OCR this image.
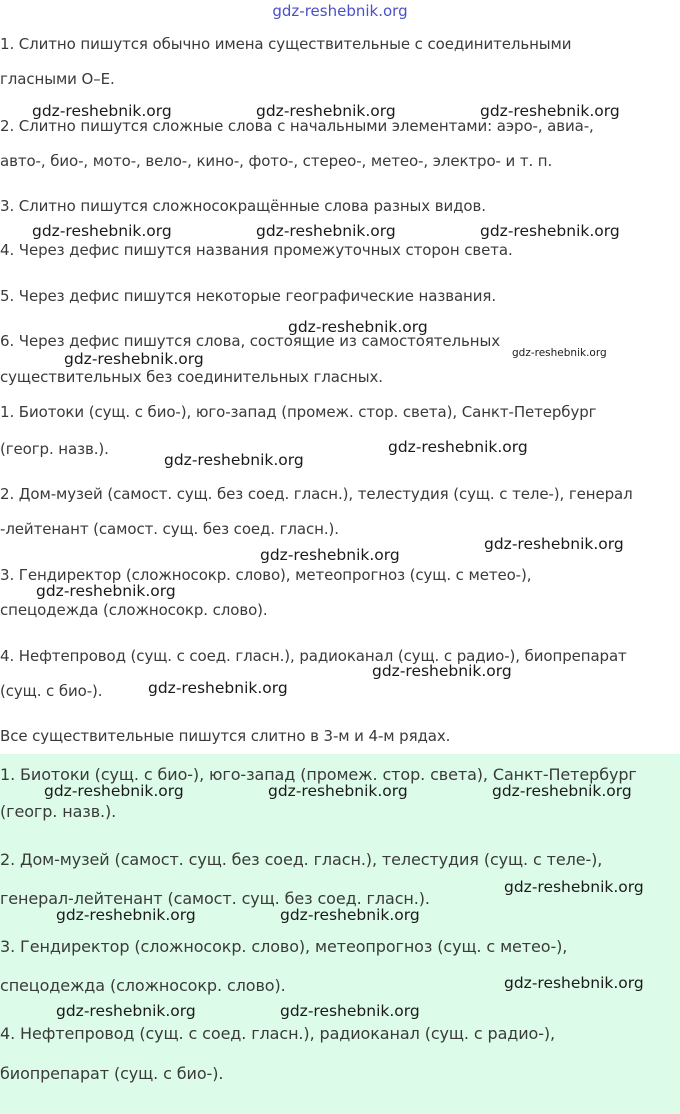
gdz-reshebnik.org
1. Слитно пишутся обычно имена существительные с соединительными
гласными О–Е.
2. Слитно пишутся сложные слова с начальными элементами: аэро-, авиа-,
авто-, био-, мото-, вело-, кино-, фото-, стерео-, метео-, электро- и т. п.
3. Слитно пишутся сложносокращённые слова разных видов.
4. Через дефис пишутся названия промежуточных сторон света.
5. Через дефис пишутся некоторые географические названия.
6. Через дефис пишутся слова, состоящие из самостоятельных
существительных без соединительных гласных.
1. Биотоки (сущ. с био-), юго-запад (промеж. стор. света), Санкт-Петербург
(геогр. назв.).
2. Дом-музей (самост. сущ. без соед. гласн.), телестудия (сущ. с теле-), генерал
-лейтенант (самост. сущ. без соед. гласн.).
3. Гендиректор (сложносокр. слово), метеопрогноз (сущ. с метео-),
спецодежда (сложносокр. слово).
4. Нефтепровод (сущ. с соед. гласн.), радиоканал (сущ. с радио-), биопрепарат
(сущ. с био-).
Все существительные пишутся слитно в 3-м и 4-м рядах.
1. Биотоки (сущ. с био-), юго-запад (промеж. стор. света), Санкт-Петербург
(геогр. назв.).
2. Дом-музей (самост. сущ. без соед. гласн.), телестудия (сущ. с теле-),
генерал-лейтенант (самост. сущ. без соед. гласн.).
3. Гендиректор (сложносокр. слово), метеопрогноз (сущ. с метео-),
спецодежда (сложносокр. слово).
4. Нефтепровод (сущ. с соед. гласн.), радиоканал (сущ. с радио-),
биопрепарат (сущ. с био-).
gdz-reshebnik.org	gdz-reshebnik.org	gdz-reshebnik.org
gdz-reshebnik.org	gdz-reshebnik.org	gdz-reshebnik.org
gdz-reshebnik.org
gdz-reshebnik.org	gdz-reshebnik.org
gdz-reshebnik.org
gdz-reshebnik.org
gdz-reshebnik.org
gdz-reshebnik.org
gdz-reshebnik.org
gdz-reshebnik.org
gdz-reshebnik.org
gdz-reshebnik.org	gdz-reshebnik.org	gdz-reshebnik.org
gdz-reshebnik.org
gdz-reshebnik.org	gdz-reshebnik.org
gdz-reshebnik.org
gdz-reshebnik.org	gdz-reshebnik.org
